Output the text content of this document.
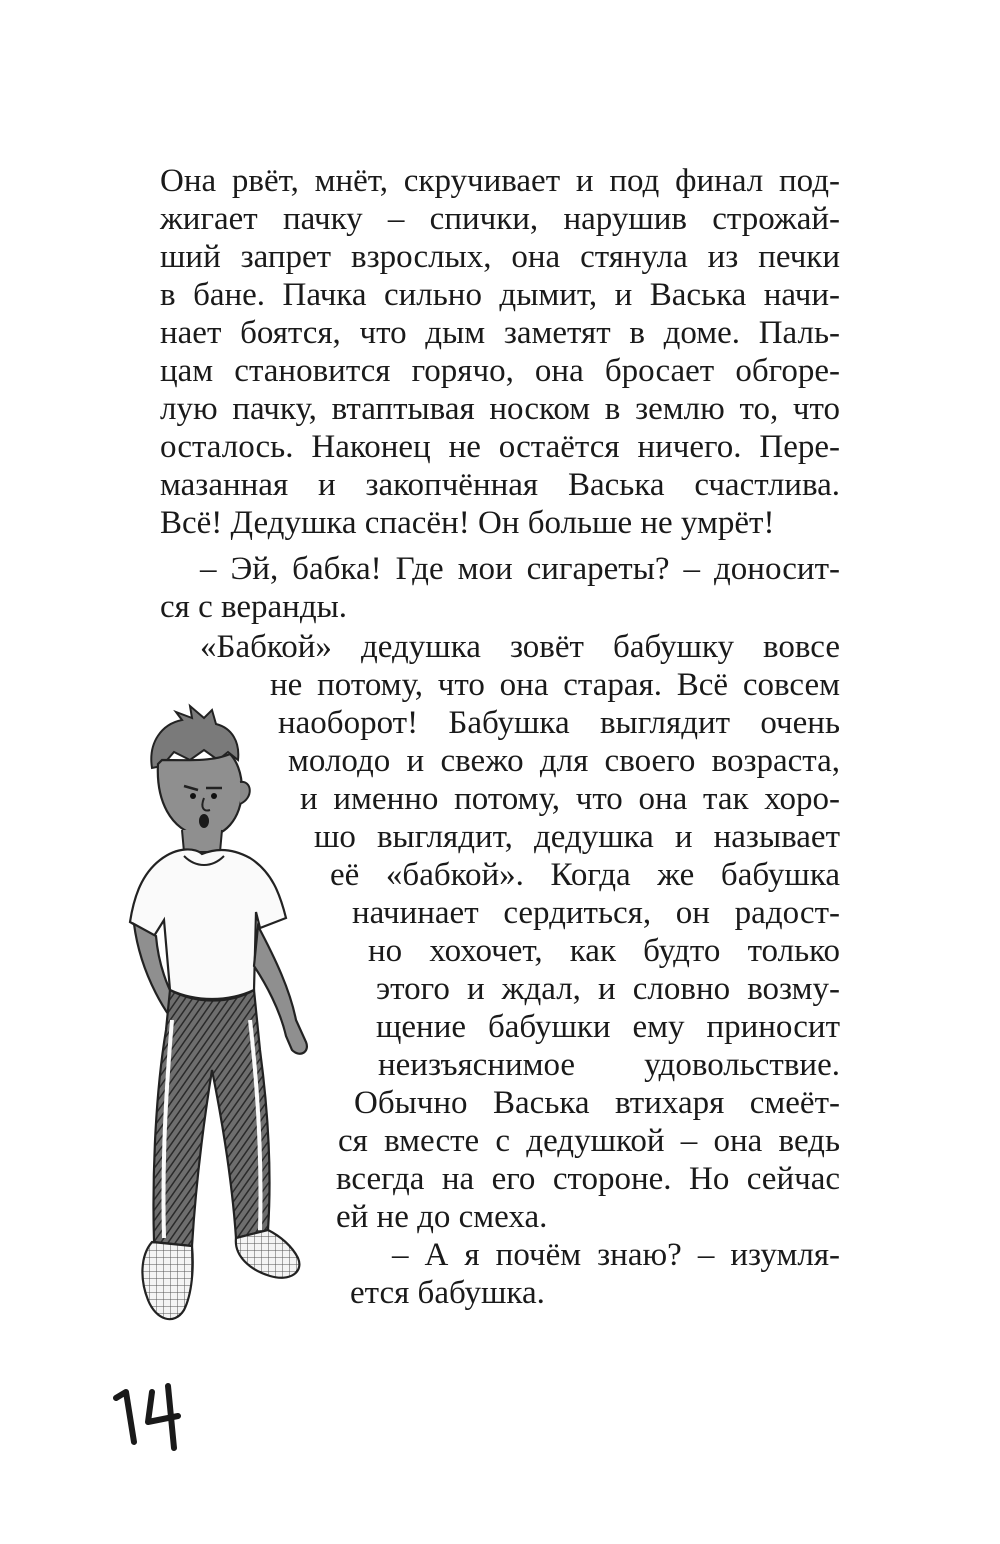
Она рвёт, мнёт, скручивает и под финал под-
жигает пачку – спички, нарушив строжай-
ший запрет взрослых, она стянула из печки
в бане. Пачка сильно дымит, и Васька начи-
нает боятся, что дым заметят в доме. Паль-
цам становится горячо, она бросает обгоре-
лую пачку, втаптывая носком в землю то, что
осталось. Наконец не остаётся ничего. Пере-
мазанная и закопчённая Васька счастлива.
Всё! Дедушка спасён! Он больше не умрёт!
– Эй, бабка! Где мои сигареты? – доносит-
ся с веранды.
«Бабкой» дедушка зовёт бабушку вовсе
не потому, что она старая. Всё совсем
наоборот! Бабушка выглядит очень
молодо и свежо для своего возраста,
и именно потому, что она так хоро-
шо выглядит, дедушка и называет
её «бабкой». Когда же бабушка
начинает сердиться, он радост-
но хохочет, как будто только
этого и ждал, и словно возму-
щение бабушки ему приносит
неизъяснимое удовольствие.
Обычно Васька втихаря смеёт-
ся вместе с дедушкой – она ведь
всегда на его стороне. Но сейчас
ей не до смеха.
– А я почём знаю? – изумля-
ется бабушка.
